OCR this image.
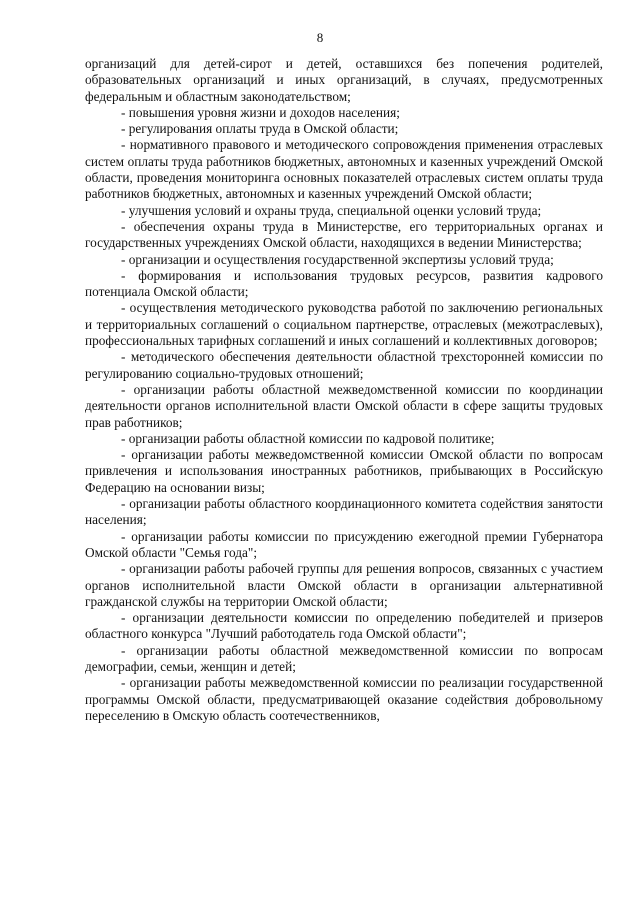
8

организаций для детей-сирот и детей, оставшихся без попечения родителей, образовательных организаций и иных организаций, в случаях, предусмотренных федеральным и областным законодательством;

- повышения уровня жизни и доходов населения;

- регулирования оплаты труда в Омской области;

- нормативного правового и методического сопровождения применения отраслевых систем оплаты труда работников бюджетных, автономных и казенных учреждений Омской области, проведения мониторинга основных показателей отраслевых систем оплаты труда работников бюджетных, автономных и казенных учреждений Омской области;

- улучшения условий и охраны труда, специальной оценки условий труда;

- обеспечения охраны труда в Министерстве, его территориальных органах и государственных учреждениях Омской области, находящихся в ведении Министерства;

- организации и осуществления государственной экспертизы условий труда;

- формирования и использования трудовых ресурсов, развития кадрового потенциала Омской области;

- осуществления методического руководства работой по заключению региональных и территориальных соглашений о социальном партнерстве, отраслевых (межотраслевых), профессиональных тарифных соглашений и иных соглашений и коллективных договоров;

- методического обеспечения деятельности областной трехсторонней комиссии по регулированию социально-трудовых отношений;

- организации работы областной межведомственной комиссии по координации деятельности органов исполнительной власти Омской области в сфере защиты трудовых прав работников;

- организации работы областной комиссии по кадровой политике;

- организации работы межведомственной комиссии Омской области по вопросам привлечения и использования иностранных работников, прибывающих в Российскую Федерацию на основании визы;

- организации работы областного координационного комитета содействия занятости населения;

- организации работы комиссии по присуждению ежегодной премии Губернатора Омской области "Семья года";

- организации работы рабочей группы для решения вопросов, связанных с участием органов исполнительной власти Омской области в организации альтернативной гражданской службы на территории Омской области;

- организации деятельности комиссии по определению победителей и призеров областного конкурса "Лучший работодатель года Омской области";

- организации работы областной межведомственной комиссии по вопросам демографии, семьи, женщин и детей;

- организации работы межведомственной комиссии по реализации государственной программы Омской области, предусматривающей оказание содействия добровольному переселению в Омскую область соотечественников,
